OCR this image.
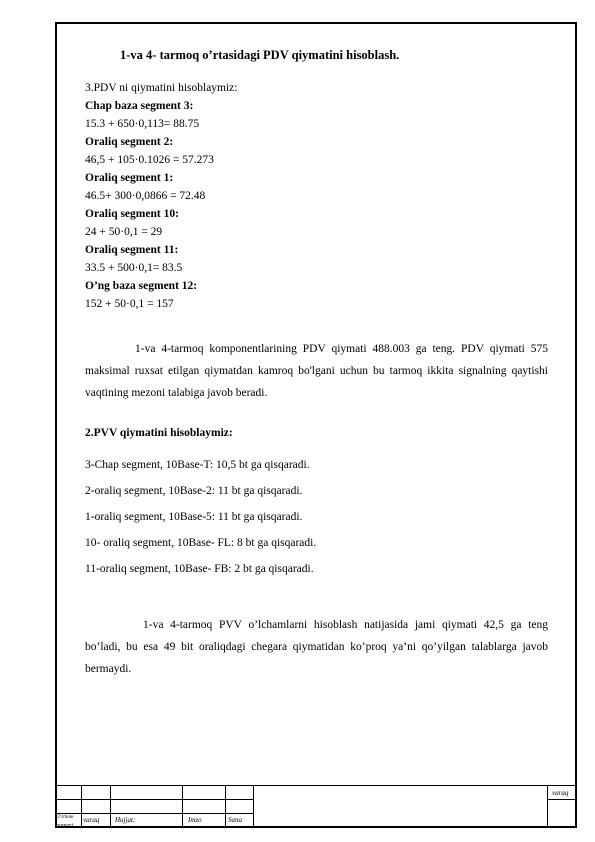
1-va 4- tarmoq o’rtasidagi PDV qiymatini hisoblash.
3.PDV ni qiymatini hisoblaymiz:
Chap baza segment 3:
15.3 + 650·0,113= 88.75
Oraliq segment 2:
46,5 + 105·0.1026 = 57.273
Oraliq segment 1:
46.5+ 300·0,0866 = 72.48
Oraliq segment 10:
24 + 50·0,1 = 29
Oraliq segment 11:
33.5 + 500·0,1= 83.5
O’ng baza segment 12:
152 + 50·0,1 = 157
1-va 4-tarmoq komponentlarining PDV qiymati 488.003 ga teng. PDV qiymati 575 maksimal ruxsat etilgan qiymatdan kamroq bo'lgani uchun bu tarmoq ikkita signalning qaytishi vaqtining mezoni talabiga javob beradi.
2.PVV qiymatini hisoblaymiz:
3-Chap segment, 10Base-T: 10,5 bt ga qisqaradi.
2-oraliq segment, 10Base-2: 11 bt ga qisqaradi.
1-oraliq segment, 10Base-5: 11 bt ga qisqaradi.
10- oraliq segment, 10Base- FL: 8 bt ga qisqaradi.
11-oraliq segment, 10Base- FB: 2 bt ga qisqaradi.
1-va 4-tarmoq PVV o’lchamlarni hisoblash natijasida jami qiymati 42,5 ga teng bo’ladi, bu esa 49 bit oraliqdagi chegara qiymatidan ko’proq ya’ni qo’yilgan talablarga javob bermaydi.
O’lcham varaq Hujjat:	Imzo	Sana
varaq
nomeri
